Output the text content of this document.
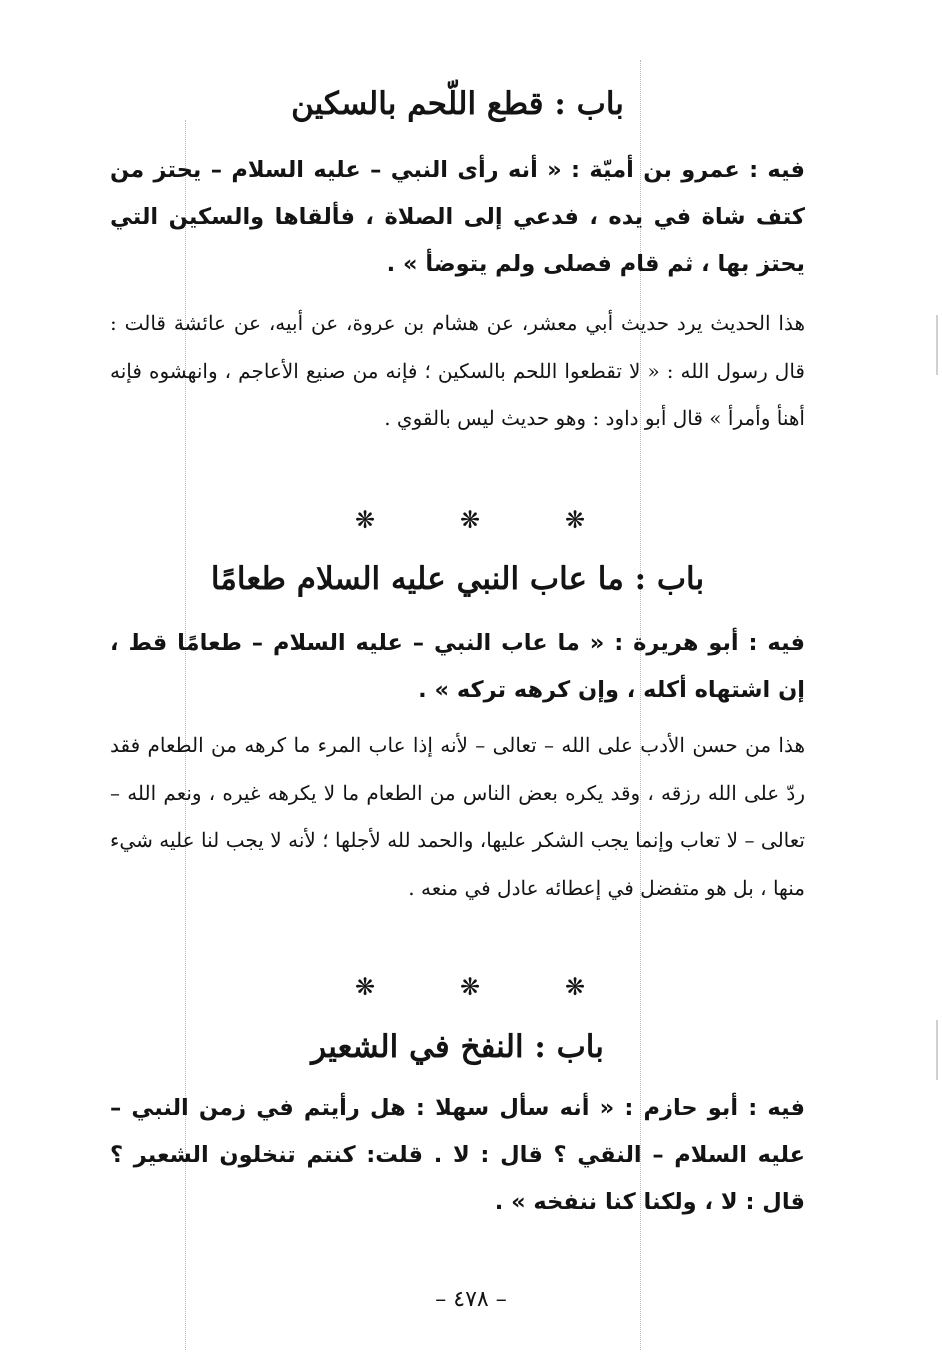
باب : قطع اللّحم بالسكين
فيه : عمرو بن أميّة : « أنه رأى النبي – عليه السلام – يحتز من كتف شاة في يده ، فدعي إلى الصلاة ، فألقاها والسكين التي يحتز بها ، ثم قام فصلى ولم يتوضأ » .
هذا الحديث يرد حديث أبي معشر، عن هشام بن عروة، عن أبيه، عن عائشة قالت : قال رسول الله : « لا تقطعوا اللحم بالسكين ؛ فإنه من صنيع الأعاجم ، وانهشوه فإنه أهنأ وأمرأ » قال أبو داود : وهو حديث ليس بالقوي .
❋	❋	❋
باب : ما عاب النبي عليه السلام طعامًا
فيه : أبو هريرة : « ما عاب النبي – عليه السلام – طعامًا قط ، إن اشتهاه أكله ، وإن كرهه تركه » .
هذا من حسن الأدب على الله – تعالى – لأنه إذا عاب المرء ما كرهه من الطعام فقد ردّ على الله رزقه ، وقد يكره بعض الناس من الطعام ما لا يكرهه غيره ، ونعم الله – تعالى – لا تعاب وإنما يجب الشكر عليها، والحمد لله لأجلها ؛ لأنه لا يجب لنا عليه شيء منها ، بل هو متفضل في إعطائه عادل في منعه .
❋	❋	❋
باب : النفخ في الشعير
فيه : أبو حازم : « أنه سأل سهلا : هل رأيتم في زمن النبي – عليه السلام – النقي ؟ قال : لا . قلت: كنتم تنخلون الشعير ؟ قال : لا ، ولكنا كنا ننفخه » .
– ٤٧٨ –
